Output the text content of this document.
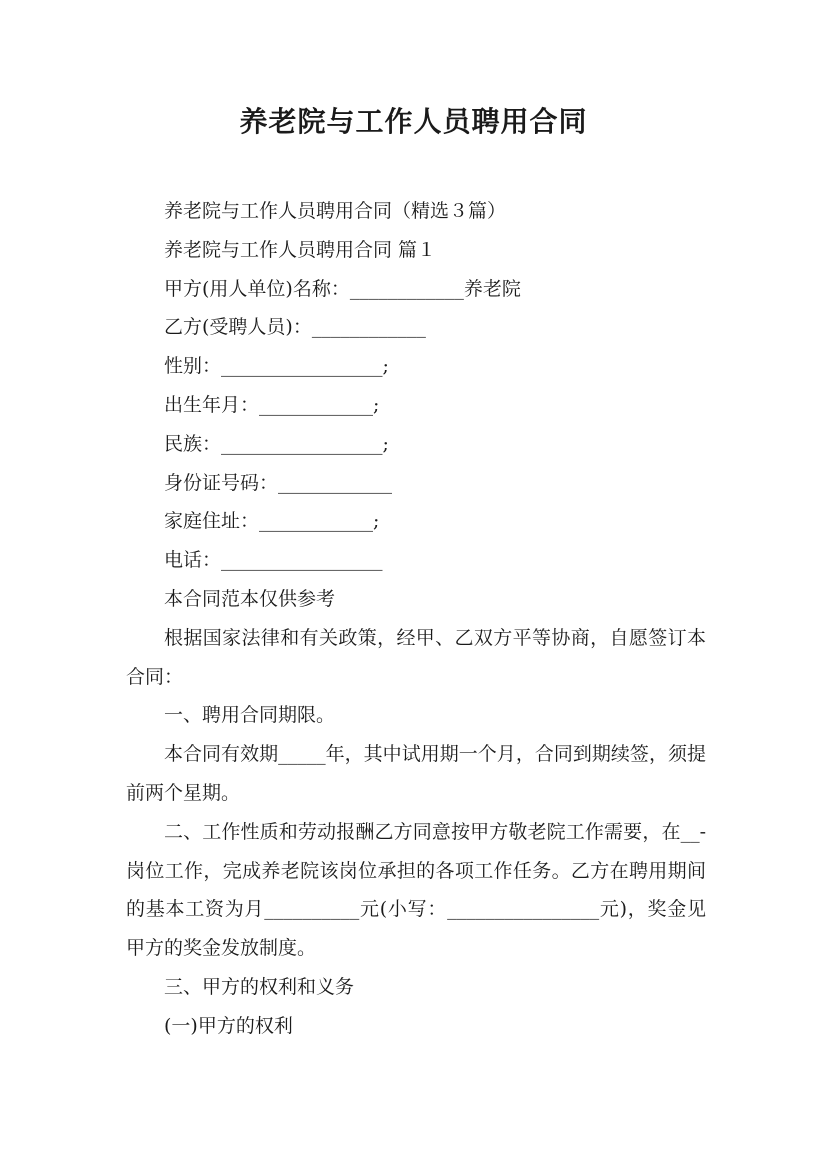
养老院与工作人员聘用合同

养老院与工作人员聘用合同（精选３篇）

养老院与工作人员聘用合同 篇１

甲方(用人单位)名称：____________养老院

乙方(受聘人员)：____________

性别：_________________;

出生年月：____________;

民族：_________________;

身份证号码：____________

家庭住址：____________;

电话：_________________

本合同范本仅供参考

根据国家法律和有关政策，经甲、乙双方平等协商，自愿签订本合同：

一、聘用合同期限。

本合同有效期_____年，其中试用期一个月，合同到期续签，须提前两个星期。

二、工作性质和劳动报酬乙方同意按甲方敬老院工作需要，在__-岗位工作，完成养老院该岗位承担的各项工作任务。乙方在聘用期间的基本工资为月__________元(小写：________________元)，奖金见甲方的奖金发放制度。

三、甲方的权利和义务

(一)甲方的权利
